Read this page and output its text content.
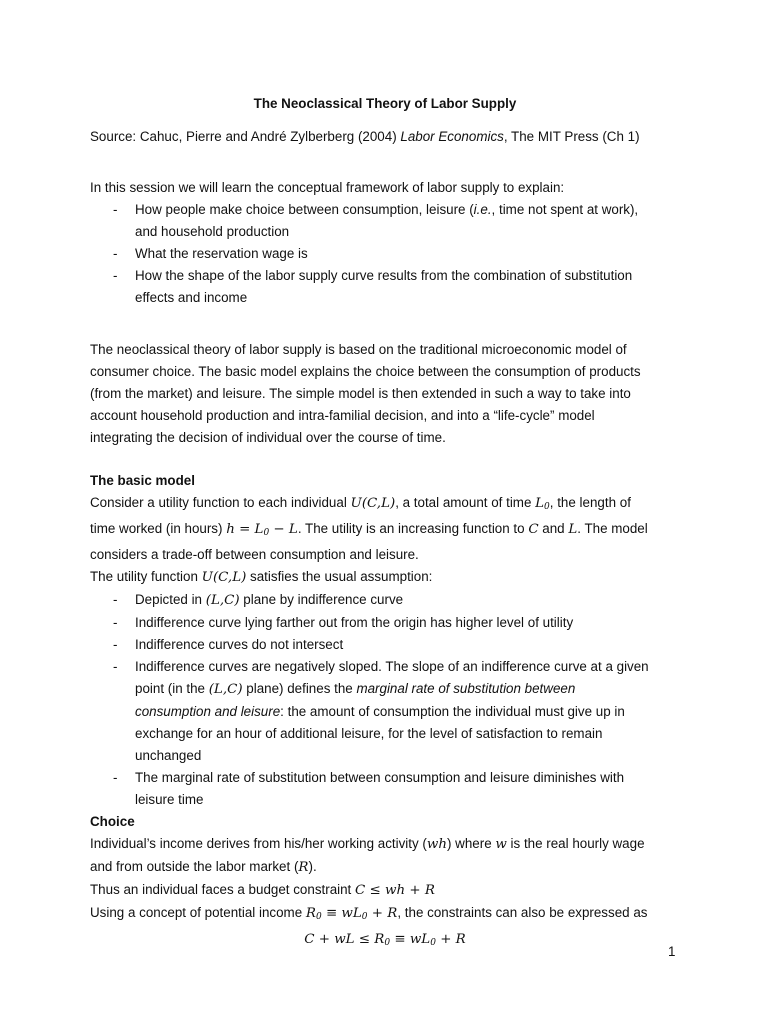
The Neoclassical Theory of Labor Supply
Source: Cahuc, Pierre and André Zylberberg (2004) Labor Economics, The MIT Press (Ch 1)
In this session we will learn the conceptual framework of labor supply to explain:
- How people make choice between consumption, leisure (i.e., time not spent at work),
and household production
- What the reservation wage is
- How the shape of the labor supply curve results from the combination of substitution
effects and income
The neoclassical theory of labor supply is based on the traditional microeconomic model of
consumer choice. The basic model explains the choice between the consumption of products
(from the market) and leisure. The simple model is then extended in such a way to take into
account household production and intra-familial decision, and into a “life-cycle” model
integrating the decision of individual over the course of time.
The basic model
Consider a utility function to each individual U(C,L), a total amount of time $L_0$, the length of
time worked (in hours) $h = L_0 - L$. The utility is an increasing function to C and L. The model
considers a trade-off between consumption and leisure.
The utility function U(C,L) satisfies the usual assumption:
- Depicted in (L,C) plane by indifference curve
- Indifference curve lying farther out from the origin has higher level of utility
- Indifference curves do not intersect
- Indifference curves are negatively sloped. The slope of an indifference curve at a given
point (in the (L,C) plane) defines the marginal rate of substitution between
consumption and leisure: the amount of consumption the individual must give up in
exchange for an hour of additional leisure, for the level of satisfaction to remain
unchanged
- The marginal rate of substitution between consumption and leisure diminishes with
leisure time
Choice
Individual’s income derives from his/her working activity (wh) where w is the real hourly wage
and from outside the labor market (R).
Thus an individual faces a budget constraint C ≤ wh + R
Using a concept of potential income $R_0 \equiv wL_0 + R$, the constraints can also be expressed as
C + wL ≤ $R_0 \equiv wL_0 + R$
1
